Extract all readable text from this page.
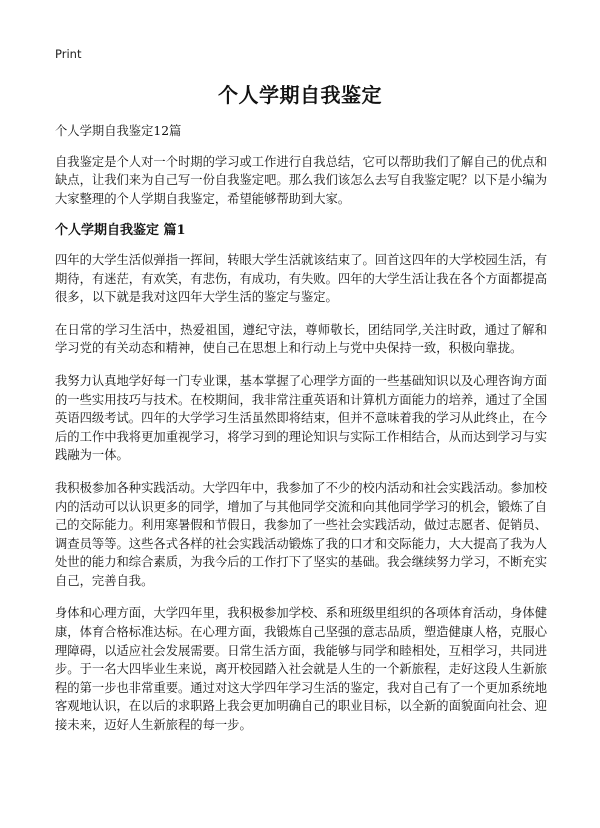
Print
个人学期自我鉴定

个人学期自我鉴定12篇

自我鉴定是个人对一个时期的学习或工作进行自我总结，它可以帮助我们了解自己的优点和缺点，让我们来为自己写一份自我鉴定吧。那么我们该怎么去写自我鉴定呢？以下是小编为大家整理的个人学期自我鉴定，希望能够帮助到大家。

个人学期自我鉴定 篇1

四年的大学生活似弹指一挥间，转眼大学生活就该结束了。回首这四年的大学校园生活，有期待，有迷茫，有欢笑，有悲伤，有成功，有失败。四年的大学生活让我在各个方面都提高很多，以下就是我对这四年大学生活的鉴定与鉴定。

在日常的学习生活中，热爱祖国，遵纪守法，尊师敬长，团结同学,关注时政，通过了解和学习党的有关动态和精神，使自己在思想上和行动上与党中央保持一致，积极向靠拢。

我努力认真地学好每一门专业课，基本掌握了心理学方面的一些基础知识以及心理咨询方面的一些实用技巧与技术。在校期间，我非常注重英语和计算机方面能力的培养，通过了全国英语四级考试。四年的大学学习生活虽然即将结束，但并不意味着我的学习从此终止，在今后的工作中我将更加重视学习，将学习到的理论知识与实际工作相结合，从而达到学习与实践融为一体。

我积极参加各种实践活动。大学四年中，我参加了不少的校内活动和社会实践活动。参加校内的活动可以认识更多的同学，增加了与其他同学交流和向其他同学学习的机会，锻炼了自己的交际能力。利用寒暑假和节假日，我参加了一些社会实践活动，做过志愿者、促销员、调查员等等。这些各式各样的社会实践活动锻炼了我的口才和交际能力，大大提高了我为人处世的能力和综合素质，为我今后的工作打下了坚实的基础。我会继续努力学习，不断充实自己，完善自我。

身体和心理方面，大学四年里，我积极参加学校、系和班级里组织的各项体育活动，身体健康，体育合格标准达标。在心理方面，我锻炼自己坚强的意志品质，塑造健康人格，克服心理障碍，以适应社会发展需要。日常生活方面，我能够与同学和睦相处，互相学习，共同进步。于一名大四毕业生来说，离开校园踏入社会就是人生的一个新旅程，走好这段人生新旅程的第一步也非常重要。通过对这大学四年学习生活的鉴定，我对自己有了一个更加系统地客观地认识，在以后的求职路上我会更加明确自己的职业目标，以全新的面貌面向社会、迎接未来，迈好人生新旅程的每一步。
